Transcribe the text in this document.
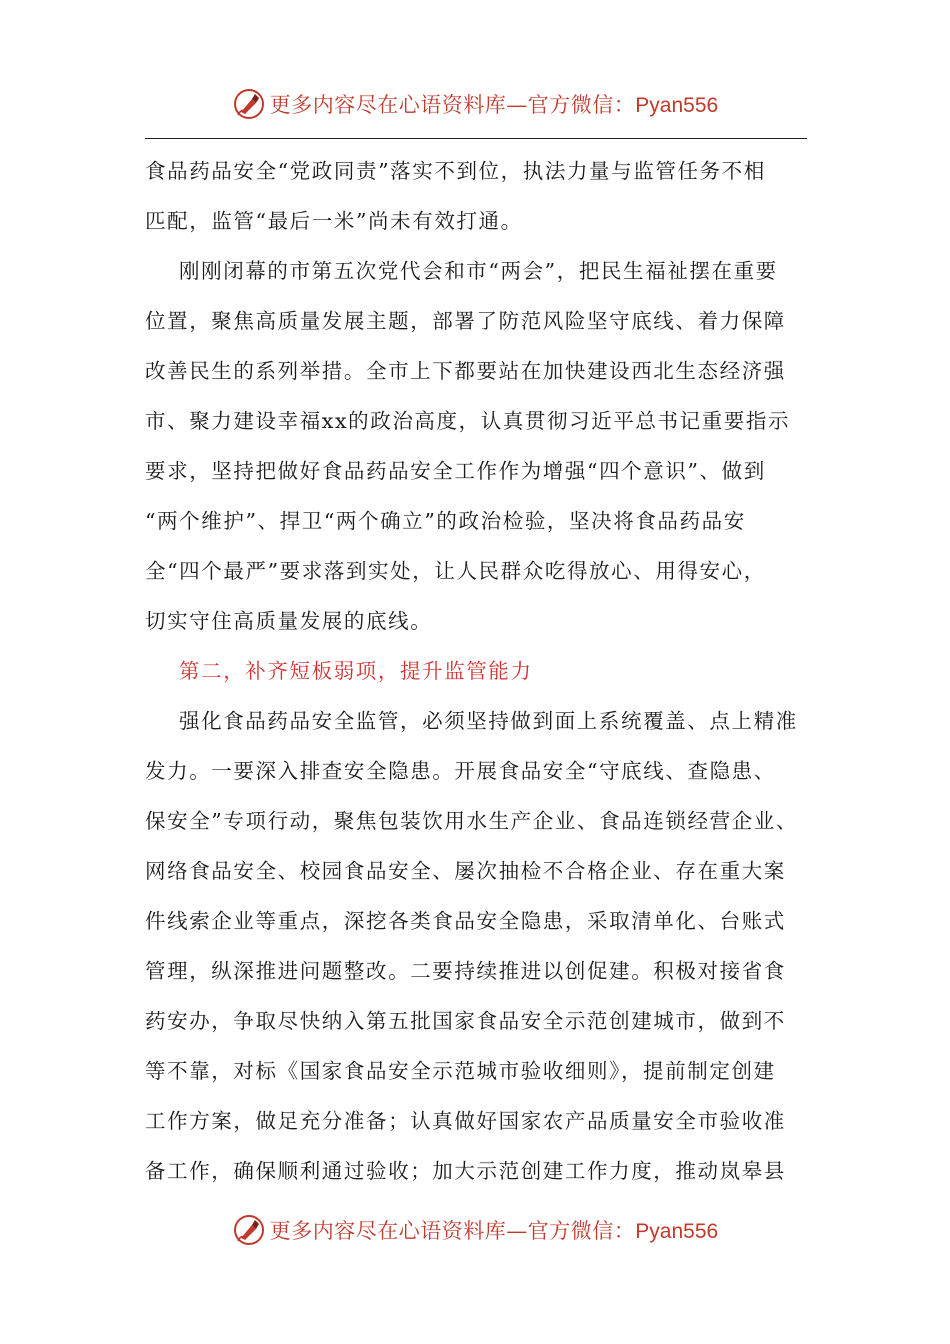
更多内容尽在心语资料库—官方微信：Pyan556
食品药品安全“党政同责”落实不到位，执法力量与监管任务不相
匹配，监管“最后一米”尚未有效打通。
刚刚闭幕的市第五次党代会和市“两会”，把民生福祉摆在重要
位置，聚焦高质量发展主题，部署了防范风险坚守底线、着力保障
改善民生的系列举措。全市上下都要站在加快建设西北生态经济强
市、聚力建设幸福xx的政治高度，认真贯彻习近平总书记重要指示
要求，坚持把做好食品药品安全工作作为增强“四个意识”、做到
“两个维护”、捍卫“两个确立”的政治检验，坚决将食品药品安
全“四个最严”要求落到实处，让人民群众吃得放心、用得安心，
切实守住高质量发展的底线。
第二，补齐短板弱项，提升监管能力
强化食品药品安全监管，必须坚持做到面上系统覆盖、点上精准
发力。一要深入排查安全隐患。开展食品安全“守底线、查隐患、
保安全”专项行动，聚焦包装饮用水生产企业、食品连锁经营企业、
网络食品安全、校园食品安全、屡次抽检不合格企业、存在重大案
件线索企业等重点，深挖各类食品安全隐患，采取清单化、台账式
管理，纵深推进问题整改。二要持续推进以创促建。积极对接省食
药安办，争取尽快纳入第五批国家食品安全示范创建城市，做到不
等不靠，对标《国家食品安全示范城市验收细则》，提前制定创建
工作方案，做足充分准备；认真做好国家农产品质量安全市验收准
备工作，确保顺利通过验收；加大示范创建工作力度，推动岚皋县
更多内容尽在心语资料库—官方微信：Pyan556
